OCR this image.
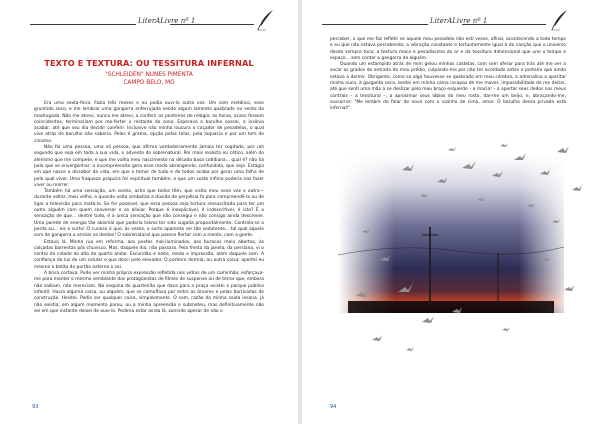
LiterALivre nº 1
TEXTO E TEXTURA: OU TESSITURA INFERNAL
"SCHLEIDEN" NUNES PIMENTA
CAMPO BELO, MG

Era uma sexta-feira. Fazia três meses e eu podia ouvi-lo outra vez. Um som metálico, esse grunhido seco, e me lembrar uma gangorra enferrujada sendo algum lamento quebrado no vento da madrugada. Não me atrevi, nunca me atrevi, a conferir os ponteiros do relógio; as horas, acaso fossem coincidentes, terminariam por me-ferter o restante do sono. Esperava o barulho cessar, a insônia acabar, até que seu dia decidir conferir. Inclusive não minha loucura o caçador de pesadelos, o qual vive atrás do barulho não saberia. Pelos é grama, opção pelas tolas, pela loquacia e por um tom de cinismo.

Não foi uma pessoa, uma só pessoa, que afirma verdadeiramente jamais ter cogitado, por um segundo que seja em toda a sua vida, o advento do sobrenatural. Por mais realista ou cético, além do alerismo que me compete, e que me valha meu nascimento na década basa cotidiana... qual é? não há pelo que se envergonhar: a incompreensão gera esse medo abrangendo, confundida, que seja. Estágio em que nasce o dissabor da vida, em que o temor de tudo e de todos acaba por gerar uma falha de pelo qual viver. Uma fraqueza psíquica for espiritual também, e que um susto ínfimo poderia nos fazer viver ou morrer.

Também há uma sensação, um sonho, acho que todos têm, que visita meu sono vez e outra—durante voltar, meu velho, e quando volta simboliza a dúvida de perpétua fa para compreendê-la ou de ligar a televisão para matá-la. Se for possível, que essa pessoa seja tortura ressuscitada para ter um outro alguém com quem conversar e se aliviar. Porque é inexplicável, é indescritível, é isto? É a sensação de que... dentre tudo, é a única sensação que não consegui e não consigo ainda descrever. Uma parede de energia tão abismal que poderia talvez ter sido sugada propositalmente. Controla-se a perda ou... eis o surto! O curioso é que, às vezes, o surto aparenta ser tão sedutente... tal qual aquele som de gangorra a arreiar os dentes! O sobrenatural que parece flertar com a mente, com a gente.

Estava lá. Minha rua em reforma, aos postes mal-iluminados, aos buracos meio abertos, às calçadas barrentas pós chuvisco. Mas, daquele dia, não passara. Pela fresta da janela, da persiana, vi o centro da cidade do alto do quarto andar. Escuridão e noite, medo e impressão, além daquele som. A confiança da luz de um celular e que desci pelo elevador. O porteiro dormia, ou outra coisa; apertei eu mesmo o botão do portão externo e sai.

A brisa cortava. Pude ver minha própria expressão refletida nos vidros de um caminhão; esforçava-me para manter o mesmo semblante dos protagonistas de filmes de suspense ou de terror que, embora não saibam, não mereciam. Na esquina do quarteirão que dava para a praça avistei o parque público infantil. Havia alguma coisa, ou alguém, que se camuflava por entre as árvores e pelas barricadas de construção. Hesitei. Podia ser qualquer coisa, simplesmente. O som, razão da minha saída insana, já não existia; em algum momento parou, ou a minha apreensão o submeteu, mas definitivamente não sei em que instante deixei de ouvi-lo. Poderia estar ainda lá, zunindo apesar de não o

93
LiterALivre nº 1

perceber, o que me faz refletir se aquele meu pesadelo não esti vesse, afinal, acontecendo a todo tempo e eu que não estava percebendo; a vibração constante e tortuntamente igual à da canção que o universo desde sempre toca; a textura maca e pesadíssima do ar e da tessitura dimensional que une o tempo e espaço... sem contar a gangorra de alguém.

Quando um estampido atrás de mim gelou minhas costelas, com sem oferar para trás até me ver a socar as grades de entrada do meu prédio, culpando-me por não ter acordado antes o porteiro que ainda estava a dormir. Obrigante, como se algo houvesse se quebrado em meu cérebro, a adrenalina a aperitar minha nuca, à garganta seca, sentei em minha cama incapaz de me mover, impossibilitado de me deitar, até que senti uma mão a se deslizar pelo meu braço esquerdo – a macia! – a apertar seus dedos nos meus contrais – a tessitural –, a aproximar seus lábios do meu rosto, dar-me um beijo, e, abraçando-me, sussurrar: "Me lembre de falar de novo com o vizinho de cima, amor. O barulho dessa privada está infernal!".

94
